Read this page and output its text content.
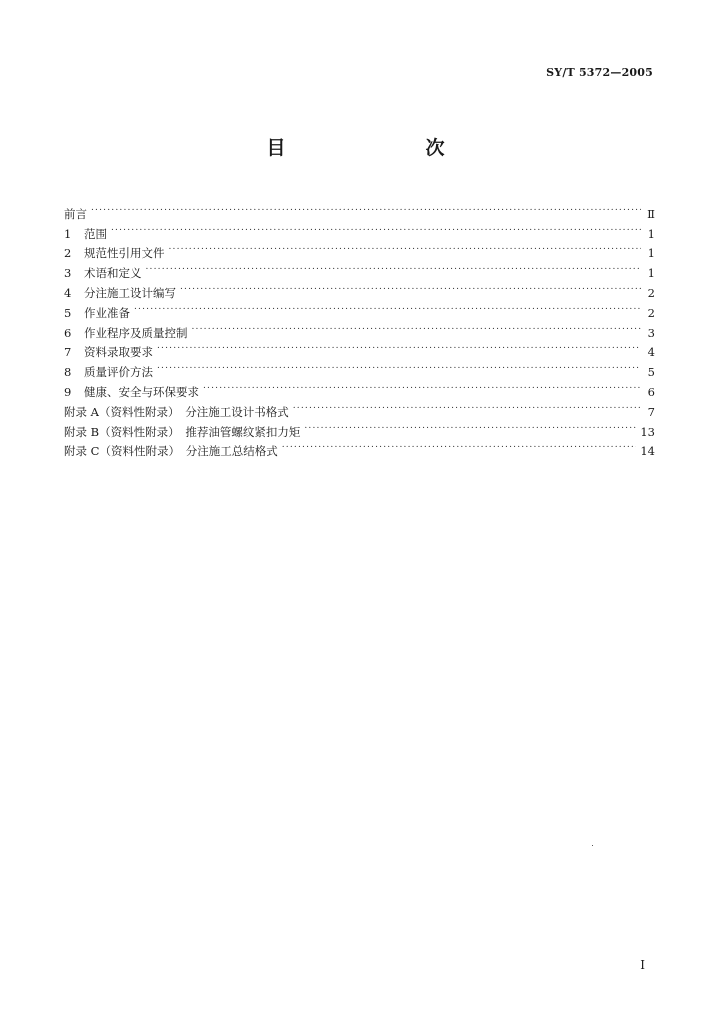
SY/T 5372—2005
目　　次
前言 .....	Ⅱ
1	范围 .....	1
2	规范性引用文件 .....	1
3	术语和定义 .....	1
4	分注施工设计编写 .....	2
5	作业准备 .....	2
6	作业程序及质量控制 .....	3
7	资料录取要求 .....	4
8	质量评价方法 .....	5
9	健康、安全与环保要求 .....	6
附录 A（资料性附录）　分注施工设计书格式 .....	7
附录 B（资料性附录）　推荐油管螺纹紧扣力矩 .....	13
附录 C（资料性附录）　分注施工总结格式 .....	14
Ⅰ
